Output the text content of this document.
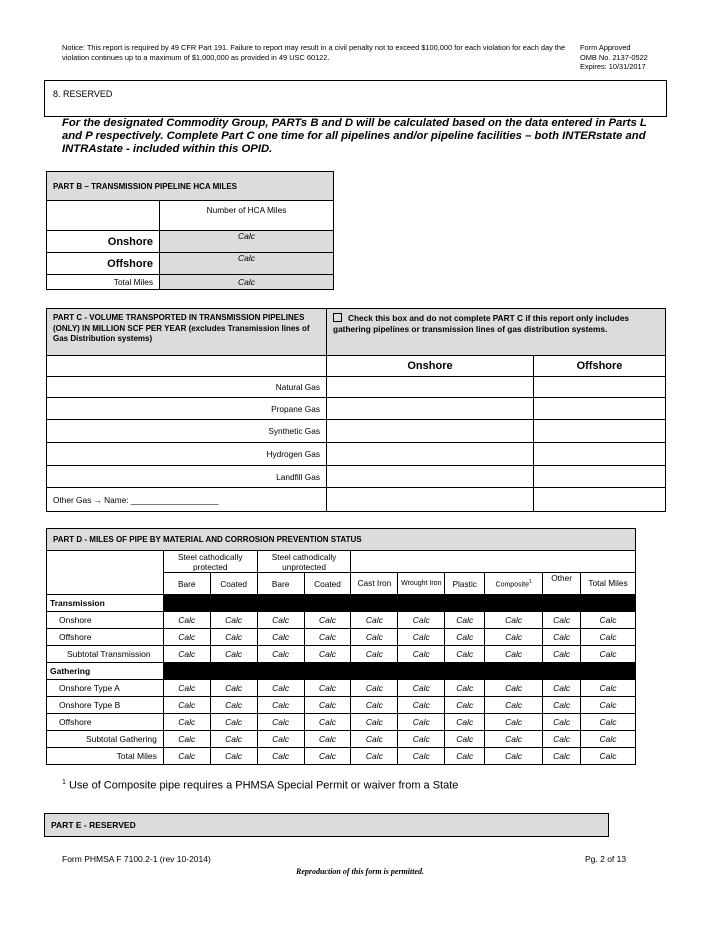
Notice: This report is required by 49 CFR Part 191. Failure to report may result in a civil penalty not to exceed $100,000 for each violation for each day the violation continues up to a maximum of $1,000,000 as provided in 49 USC 60122.
Form Approved
OMB No. 2137-0522
Expires: 10/31/2017
8. RESERVED
For the designated Commodity Group, PARTs B and D will be calculated based on the data entered in Parts L and P respectively. Complete Part C one time for all pipelines and/or pipeline facilities – both INTERstate and INTRAstate - included within this OPID.
PART B – TRANSMISSION PIPELINE HCA MILES	
	Number of HCA Miles
Onshore	Calc
Offshore	Calc
Total Miles	Calc
PART C - VOLUME TRANSPORTED IN TRANSMISSION PIPELINES (ONLY) IN MILLION SCF PER YEAR (excludes Transmission lines of Gas Distribution systems)	Check this box and do not complete PART C if this report only includes gathering pipelines or transmission lines of gas distribution systems.	
	Onshore	Offshore
Natural Gas		
Propane Gas		
Synthetic Gas		
Hydrogen Gas		
Landfill Gas		
Other Gas → Name: ___________________		
PART D - MILES OF PIPE BY MATERIAL AND CORROSION PREVENTION STATUS										
	Steel cathodically protected		Steel cathodically unprotected							
	Bare	Coated	Bare	Coated	Cast Iron	Wrought Iron	Plastic	Composite$^1$	Other	Total Miles
Transmission										
Onshore	Calc	Calc	Calc	Calc	Calc	Calc	Calc	Calc	Calc	Calc
Offshore	Calc	Calc	Calc	Calc	Calc	Calc	Calc	Calc	Calc	Calc
Subtotal Transmission	Calc	Calc	Calc	Calc	Calc	Calc	Calc	Calc	Calc	Calc
Gathering										
Onshore Type A	Calc	Calc	Calc	Calc	Calc	Calc	Calc	Calc	Calc	Calc
Onshore Type B	Calc	Calc	Calc	Calc	Calc	Calc	Calc	Calc	Calc	Calc
Offshore	Calc	Calc	Calc	Calc	Calc	Calc	Calc	Calc	Calc	Calc
Subtotal Gathering	Calc	Calc	Calc	Calc	Calc	Calc	Calc	Calc	Calc	Calc
Total Miles	Calc	Calc	Calc	Calc	Calc	Calc	Calc	Calc	Calc	Calc
$^1$ Use of Composite pipe requires a PHMSA Special Permit or waiver from a State
PART E - RESERVED
Form PHMSA F 7100.2-1 (rev 10-2014)	Pg. 2 of 13
Reproduction of this form is permitted.
